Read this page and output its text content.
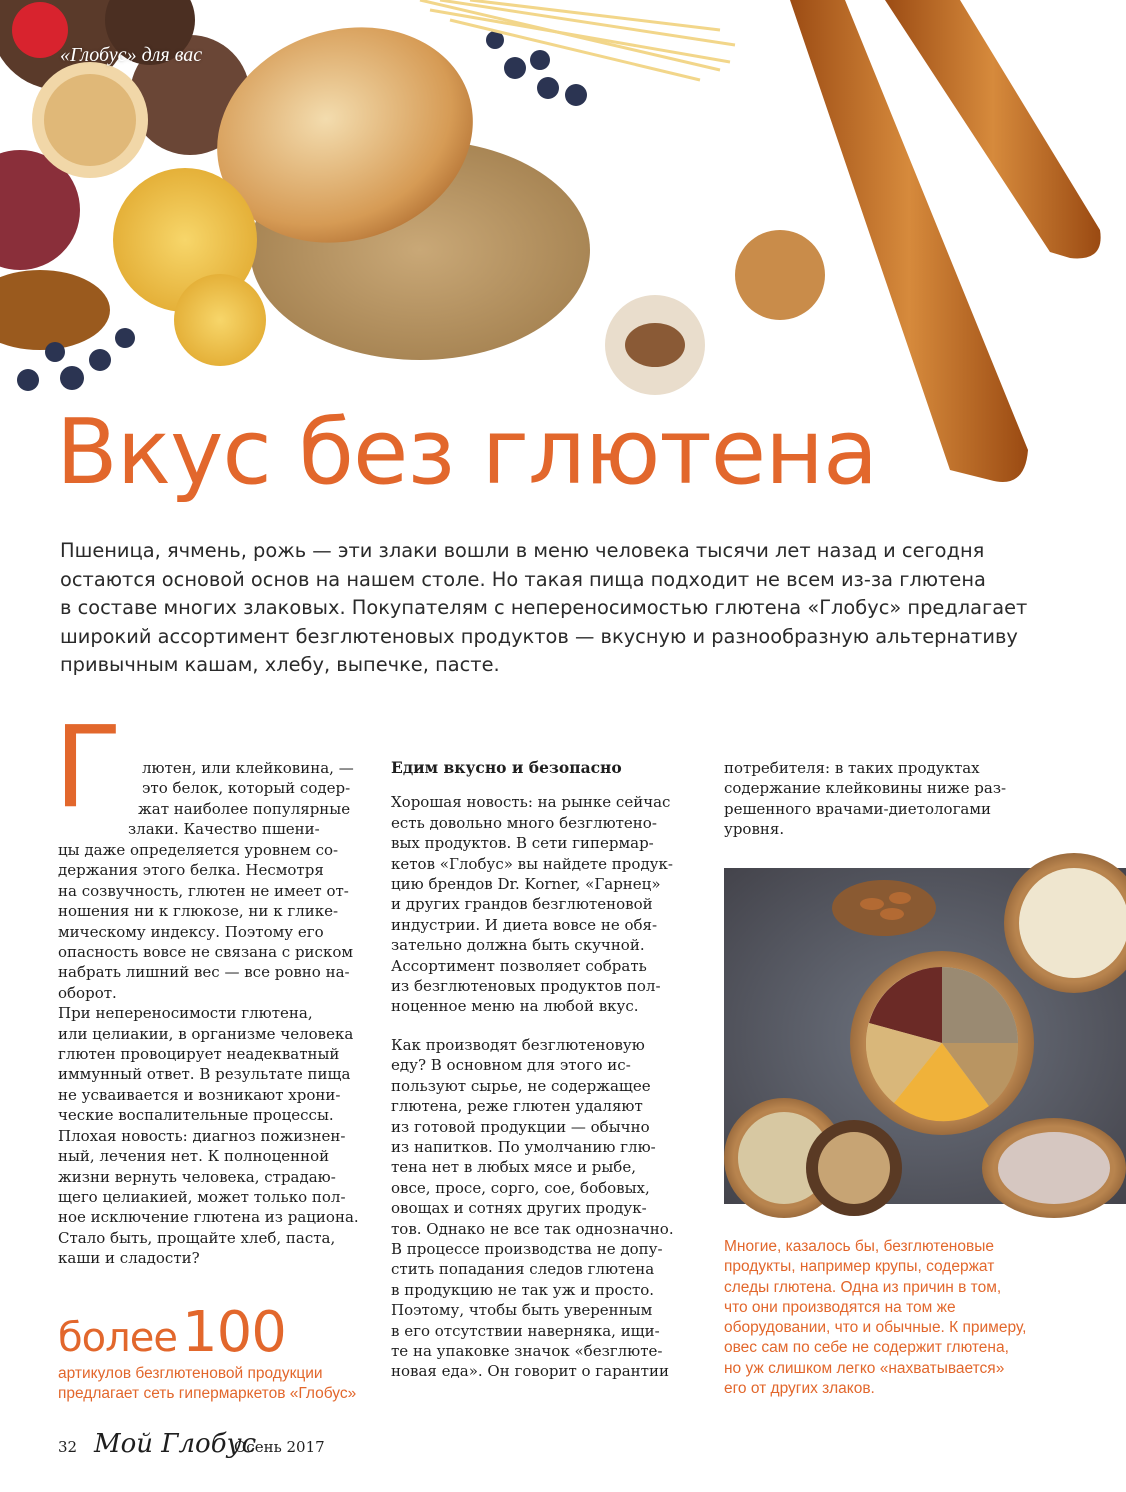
«Глобус» для вас
Вкус без глютена
Пшеница, ячмень, рожь — эти злаки вошли в меню человека тысячи лет назад и сегодня
остаются основой основ на нашем столе. Но такая пища подходит не всем из-за глютена
в составе многих злаковых. Покупателям с непереносимостью глютена «Глобус» предлагает
широкий ассортимент безглютеновых продуктов — вкусную и разнообразную альтернативу
привычным кашам, хлебу, выпечке, пасте.
Г лютен, или клейковина, —
это белок, который содер-
жат наиболее популярные
злаки. Качество пшени-
цы даже определяется уровнем со-
держания этого белка. Несмотря
на созвучность, глютен не имеет от-
ношения ни к глюкозе, ни к глике-
мическому индексу. Поэтому его
опасность вовсе не связана с риском
набрать лишний вес — все ровно на-
оборот.
При непереносимости глютена,
или целиакии, в организме человека
глютен провоцирует неадекватный
иммунный ответ. В результате пища
не усваивается и возникают хрони-
ческие воспалительные процессы.
Плохая новость: диагноз пожизнен-
ный, лечения нет. К полноценной
жизни вернуть человека, страдаю-
щего целиакией, может только пол-
ное исключение глютена из рациона.
Стало быть, прощайте хлеб, паста,
каши и сладости?
более 100
артикулов безглютеновой продукции
предлагает сеть гипермаркетов «Глобус»
Едим вкусно и безопасно
Хорошая новость: на рынке сейчас
есть довольно много безглютено-
вых продуктов. В сети гипермар-
кетов «Глобус» вы найдете продук-
цию брендов Dr. Korner, «Гарнец»
и других грандов безглютеновой
индустрии. И диета вовсе не обя-
зательно должна быть скучной.
Ассортимент позволяет собрать
из безглютеновых продуктов пол-
ноценное меню на любой вкус.
Как производят безглютеновую
еду? В основном для этого ис-
пользуют сырье, не содержащее
глютена, реже глютен удаляют
из готовой продукции — обычно
из напитков. По умолчанию глю-
тена нет в любых мясе и рыбе,
овсе, просе, сорго, сое, бобовых,
овощах и сотнях других продук-
тов. Однако не все так однозначно.
В процессе производства не допу-
стить попадания следов глютена
в продукцию не так уж и просто.
Поэтому, чтобы быть уверенным
в его отсутствии наверняка, ищи-
те на упаковке значок «безглюте-
новая еда». Он говорит о гарантии
потребителя: в таких продуктах
содержание клейковины ниже раз-
решенного врачами-диетологами
уровня.
Многие, казалось бы, безглютеновые
продукты, например крупы, содержат
следы глютена. Одна из причин в том,
что они производятся на том же
оборудовании, что и обычные. К примеру,
овес сам по себе не содержит глютена,
но уж слишком легко «нахватывается»
его от других злаков.
32 Мой Глобус
Осень 2017
